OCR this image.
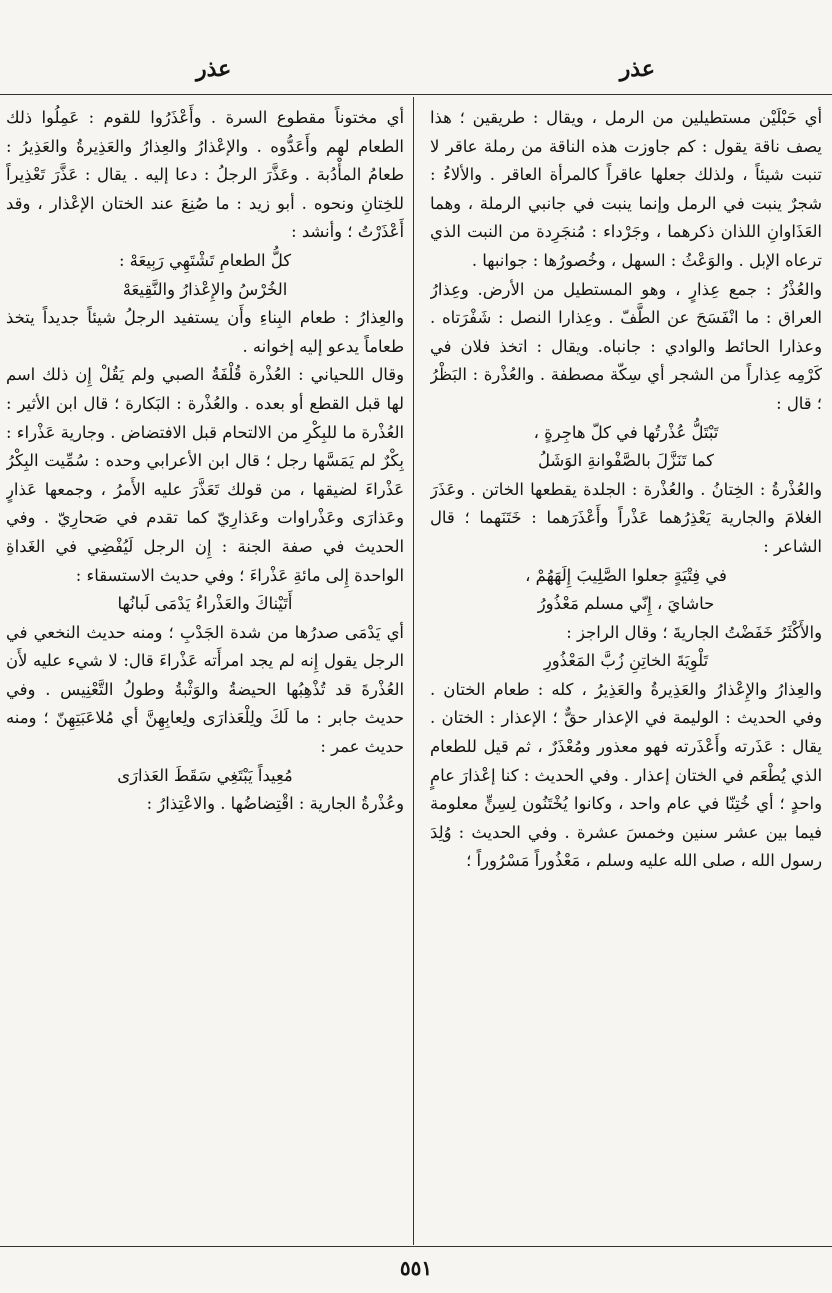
عذر
عذر

أي حَبْلَيْن مستطيلين من الرمل ، ويقال : طريقين ؛ هذا يصف ناقة يقول : كم جاوزت هذه الناقة من رملة عاقر لا تنبت شيئاً ، ولذلك جعلها عاقراً كالمرأة العاقر . والألاءُ : شجرٌ ينبت في الرمل وإنما ينبت في جانبي الرملة ، وهما العَذَاوانِ اللذان ذكرهما ، وجَرْداء : مُنجَرِدة من النبت الذي ترعاه الإبل . والوَعْثُ : السهل ، وخُصورُها : جوانبها .

والعُذْرُ : جمع عِذارٍ ، وهو المستطيل من الأرض. وعِذارُ العراق : ما انْفَسَحَ عن الطَّفّ . وعِذارا النصل : شَفْرَتاه . وعذارا الحائط والوادي : جانباه. ويقال : اتخذ فلان في كَرْمِه عِذاراً من الشجر أي سِكّة مصطفة . والعُذْرة : البَظْرُ ؛ قال :

تَبْتَلُّ عُذْرتُها في كلّ هاجِرةٍ ،

كما تَنَزَّلَ بالصَّفْوانةِ الوَشَلُ

والعُذْرةُ : الخِتانُ . والعُذْرة : الجلدة يقطعها الخاتن . وعَذَرَ الغلامَ والجارية يَعْذِرُهما عَذْراً وأَعْذَرَهما : خَتَنَهما ؛ قال الشاعر :

في فِتْيَةٍ جعلوا الصَّلِيبَ إِلَهَهُمْ ،

حاشايَ ، إِنّي مسلم مَعْذُورُ

والأَكْثَرُ خَفَضْتُ الجاريةَ ؛ وقال الراجز :

تَلْوِيَةَ الخاتِنِ زُبَّ المَعْذُورِ

والعِذارُ والإِعْذارُ والعَذِيرةُ والعَذِيرُ ، كله : طعام الختان . وفي الحديث : الوليمة في الإعذار حقٌّ ؛ الإعذار : الختان . يقال : عَذَرته وأَعْذَرته فهو معذور ومُعْذَرٌ ، ثم قيل للطعام الذي يُطْعَم في الختان إعذار . وفي الحديث : كنا إعْذارَ عامٍ واحدٍ ؛ أي خُتِنّا في عام واحد ، وكانوا يُخْتَنُون لِسِنٍّ معلومة فيما بين عشر سنين وخمسَ عشرة . وفي الحديث : وُلِدَ رسول الله ، صلى الله عليه وسلم ، مَعْذُوراً مَسْرُوراً ؛

أي مختوناً مقطوع السرة . وأَعْذَرُوا للقوم : عَمِلُوا ذلك الطعام لهم وأَعَدُّوه . والإعْذارُ والعِذارُ والعَذِيرةُ والعَذِيرُ : طعامُ المأْدُبة . وعَذَّرَ الرجلُ : دعا إليه . يقال : عَذَّرَ تَعْذِيراً للخِتانِ ونحوه . أبو زيد : ما صُنِعَ عند الختان الإعْذار ، وقد أَعْذَرْتُ ؛ وأنشد :

كلُّ الطعامِ تَشْتَهِي رَبِيعَهْ :

الخُرْسُ والإِعْذارُ والنَّقِيعَهْ

والعِذارُ : طعام البِناءِ وأَن يستفيد الرجلُ شيئاً جديداً يتخذ طعاماً يدعو إليه إخوانه .

وقال اللحياني : العُذْرة قُلْفَةُ الصبي ولم يَقُلْ إِن ذلك اسم لها قبل القطع أو بعده . والعُذْرة : البَكارة ؛ قال ابن الأثير : العُذْرة ما للبِكْرِ من الالتحام قبل الافتضاض . وجارية عَذْراء : بِكْرٌ لم يَمَسَّها رجل ؛ قال ابن الأعرابي وحده : سُمِّيت البِكْرُ عَذْراءَ لضيقها ، من قولك تَعَذَّرَ عليه الأَمرُ ، وجمعها عَذارٍ وعَذارَى وعَذْراوات وعَذارِيّ كما تقدم في صَحارِيّ . وفي الحديث في صفة الجنة : إِن الرجل لَيُفْضِي في الغَداةِ الواحدة إِلى مائةِ عَذْراءَ ؛ وفي حديث الاستسقاء :

أَتَيْناكَ والعَذْراءُ يَدْمَى لَبانُها

أي يَدْمَى صدرُها من شدة الجَدْبِ ؛ ومنه حديث النخعي في الرجل يقول إِنه لم يجد امرأَته عَذْراءَ قال: لا شيء عليه لأَن العُذْرةَ قد تُذْهِبُها الحيضةُ والوَثْبةُ وطولُ التَّعْنِيس . وفي حديث جابر : ما لَكَ ولِلْعَذارَى ولِعابِهِنَّ أي مُلاعَبَتِهِنّ ؛ ومنه حديث عمر :

مُعِيداً يَبْتَغِي سَقَطَ العَذارَى

وعُذْرةُ الجارية : اقْتِضاضُها . والاعْتِذارُ :

٥٥١
